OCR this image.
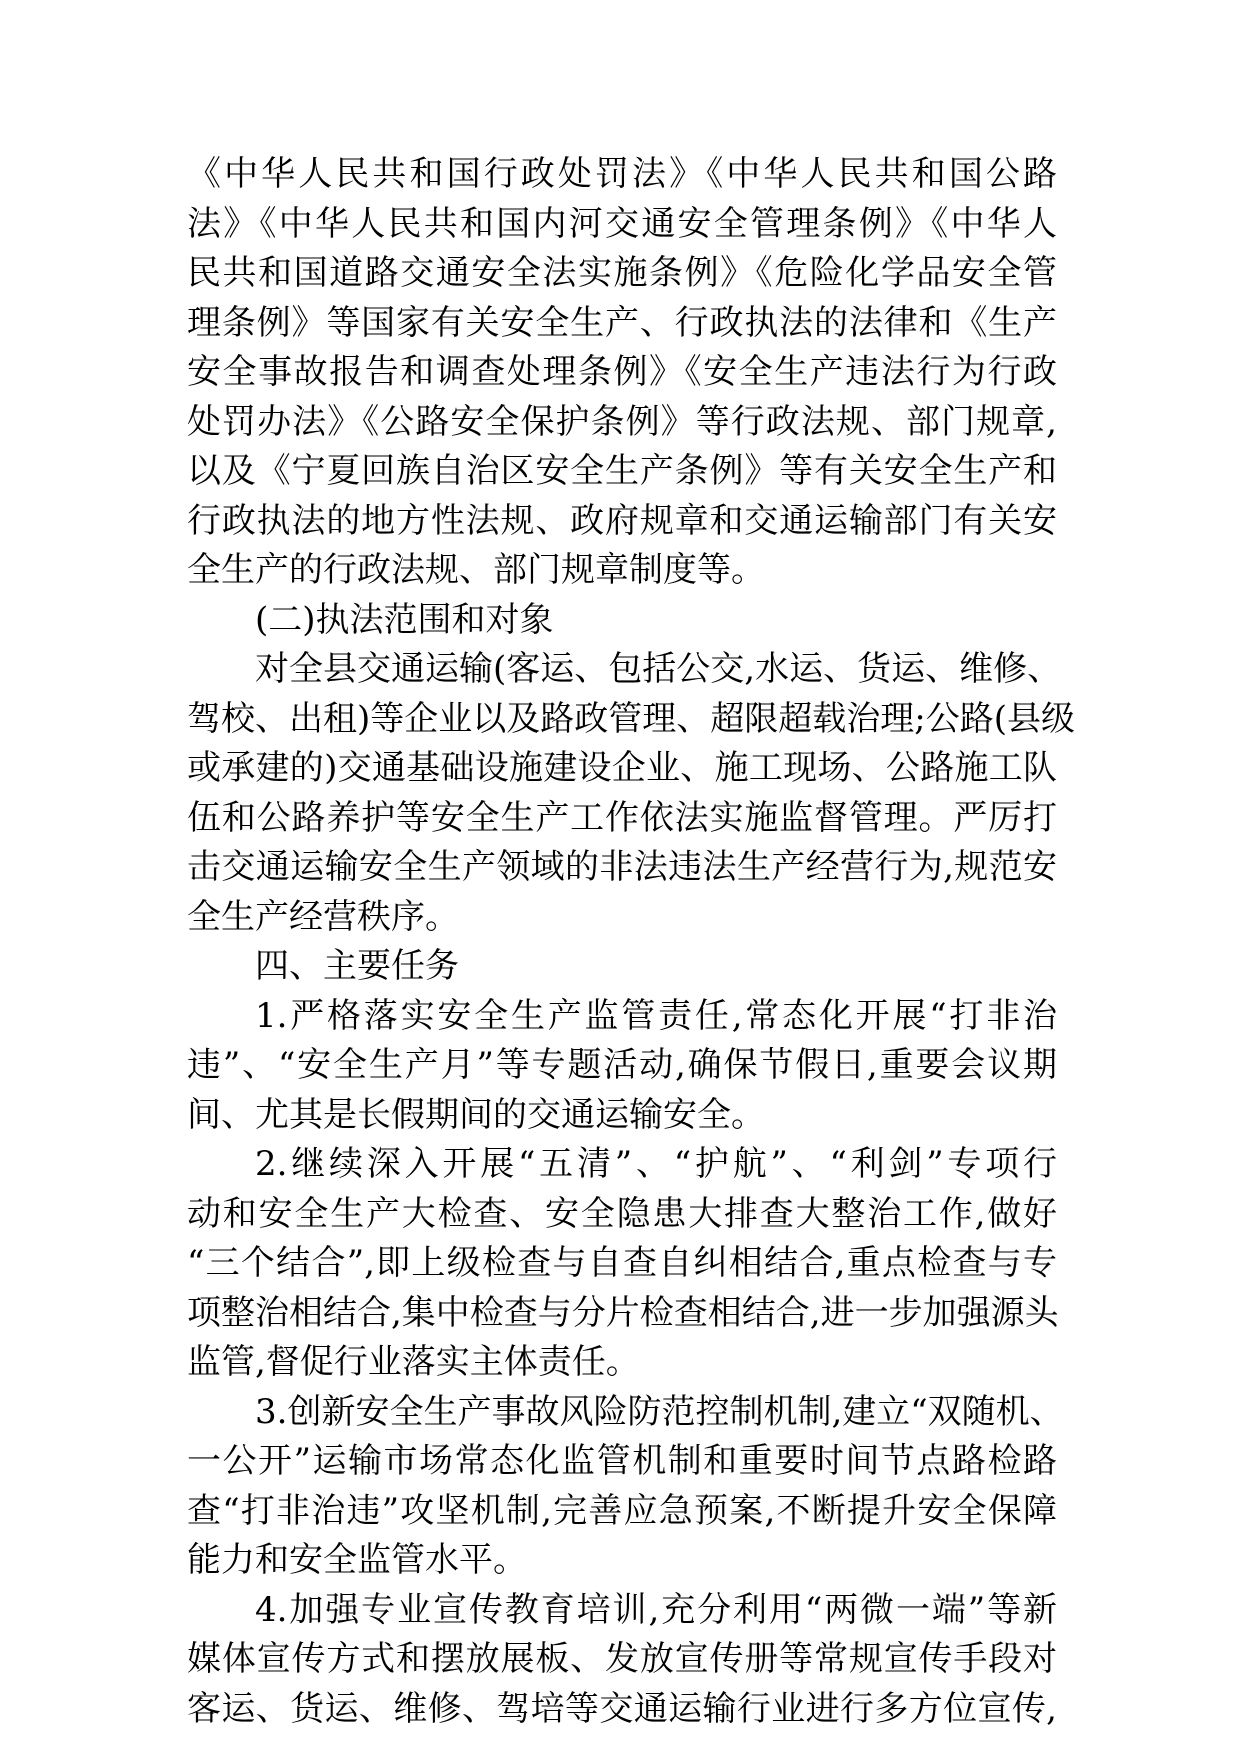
《中华人民共和国行政处罚法》《中华人民共和国公路
法》《中华人民共和国内河交通安全管理条例》《中华人
民共和国道路交通安全法实施条例》《危险化学品安全管
理条例》等国家有关安全生产、行政执法的法律和《生产
安全事故报告和调查处理条例》《安全生产违法行为行政
处罚办法》《公路安全保护条例》等行政法规、部门规章,
以及《宁夏回族自治区安全生产条例》等有关安全生产和
行政执法的地方性法规、政府规章和交通运输部门有关安
全生产的行政法规、部门规章制度等。

(二)执法范围和对象

对全县交通运输(客运、包括公交,水运、货运、维修、
驾校、出租)等企业以及路政管理、超限超载治理;公路(县级
或承建的)交通基础设施建设企业、施工现场、公路施工队
伍和公路养护等安全生产工作依法实施监督管理。严厉打
击交通运输安全生产领域的非法违法生产经营行为,规范安
全生产经营秩序。

四、主要任务

1.严格落实安全生产监管责任,常态化开展“打非治
违”、“安全生产月”等专题活动,确保节假日,重要会议期
间、尤其是长假期间的交通运输安全。

2.继续深入开展“五清”、“护航”、“利剑”专项行
动和安全生产大检查、安全隐患大排查大整治工作,做好
“三个结合”,即上级检查与自查自纠相结合,重点检查与专
项整治相结合,集中检查与分片检查相结合,进一步加强源头
监管,督促行业落实主体责任。

3.创新安全生产事故风险防范控制机制,建立“双随机、
一公开”运输市场常态化监管机制和重要时间节点路检路
查“打非治违”攻坚机制,完善应急预案,不断提升安全保障
能力和安全监管水平。

4.加强专业宣传教育培训,充分利用“两微一端”等新
媒体宣传方式和摆放展板、发放宣传册等常规宣传手段对
客运、货运、维修、驾培等交通运输行业进行多方位宣传,
